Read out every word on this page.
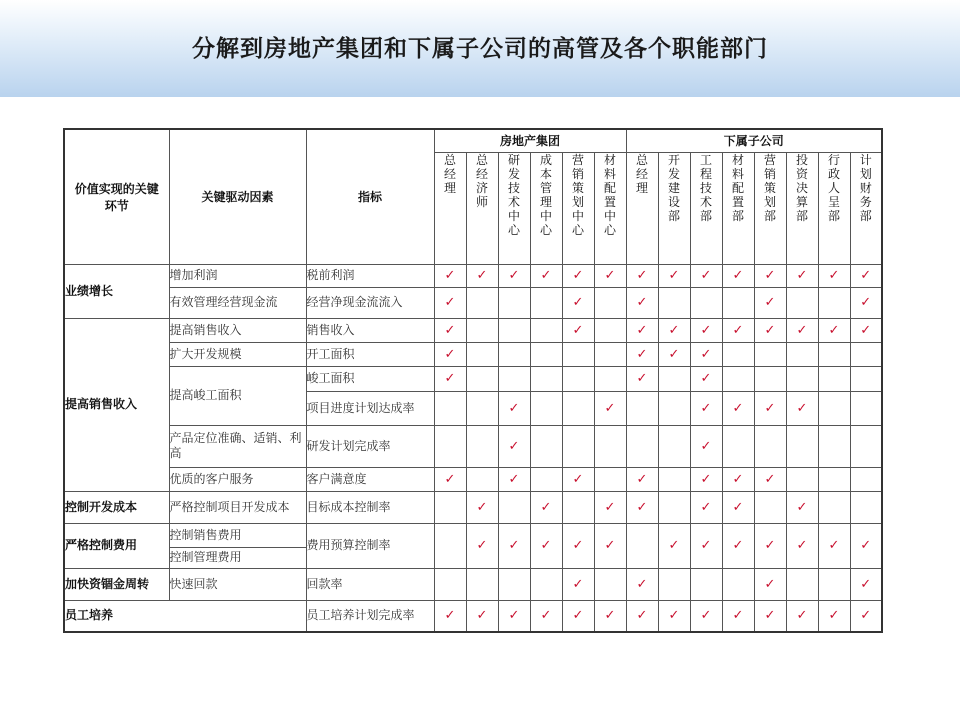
分解到房地产集团和下属子公司的高管及各个职能部门
价值实现的关键环节	关键驱动因素	指标	房地产集团						下属子公司							
			总经理	总经济师	研发技术中心	成本管理中心	营销策划中心	材料配置中心	总经理	开发建设部	工程技术部	材料配置部	营销策划部	投资决算部	行政人呈部	计划财务部
业绩增长	增加利润	税前利润	✓	✓	✓	✓	✓	✓	✓	✓	✓	✓	✓	✓	✓	✓
	有效管理经营现金流	经营净现金流流入	✓				✓		✓				✓			✓
提高销售收入	提高销售收入	销售收入	✓				✓		✓	✓	✓	✓	✓	✓	✓	✓
	扩大开发规模	开工面积	✓						✓	✓	✓					
	提高峻工面积	峻工面积	✓						✓		✓					
		项目进度计划达成率			✓			✓			✓	✓	✓	✓		
	产品定位准确、适销、利高	研发计划完成率			✓						✓					
	优质的客户服务	客户满意度	✓		✓		✓		✓		✓	✓	✓			
控制开发成本	严格控制项目开发成本	目标成本控制率		✓		✓		✓	✓		✓	✓		✓		
严格控制费用	控制销售费用	费用预算控制率		✓	✓	✓	✓	✓		✓	✓	✓	✓	✓	✓	✓
	控制管理费用															
加快资锢金周转	快速回款	回款率					✓		✓				✓			✓
员工培养		员工培养计划完成率	✓	✓	✓	✓	✓	✓	✓	✓	✓	✓	✓	✓	✓	✓
